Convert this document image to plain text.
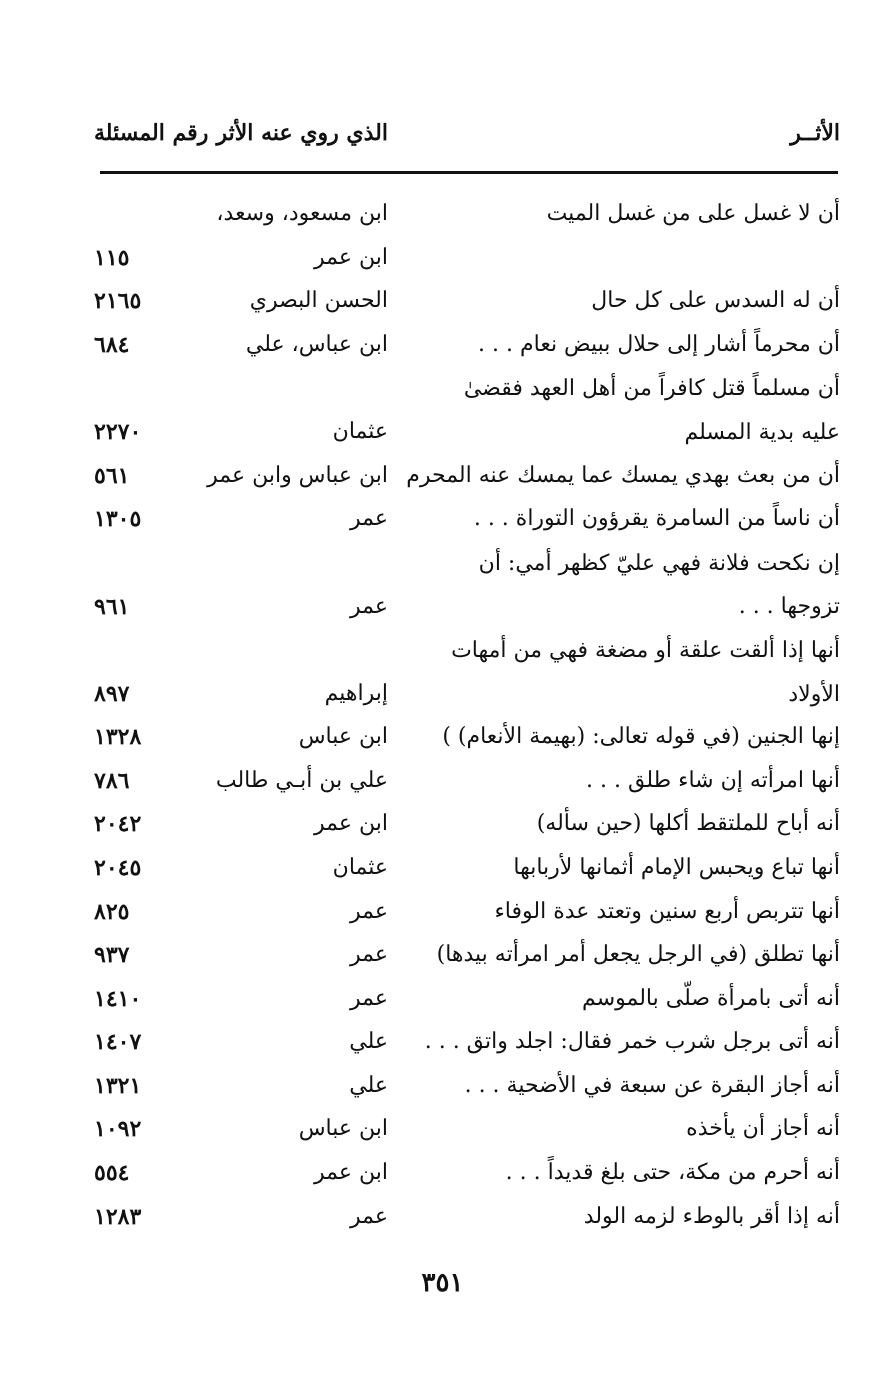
الأثــر
الذي روي عنه الأثر
رقم المسئلة
أن لا غسل على من غسل الميت
ابن مسعود، وسعد،
ابن عمر
١١٥
أن له السدس على كل حال
الحسن البصري
٢١٦٥
أن محرماً أشار إلى حلال ببيض نعام . . .
ابن عباس، علي
٦٨٤
أن مسلماً قتل كافراً من أهل العهد فقضىٰ عليه بدية المسلم
عثمان
٢٢٧٠
أن من بعث بهدي يمسك عما يمسك عنه المحرم
ابن عباس وابن عمر
٥٦١
أن ناساً من السامرة يقرؤون التوراة . . .
عمر
١٣٠٥
إن نكحت فلانة فهي عليّ كظهر أمي: أن تزوجها . . .
عمر
٩٦١
أنها إذا ألقت علقة أو مضغة فهي من أمهات الأولاد
إبراهيم
٨٩٧
إنها الجنين (في قوله تعالى: (بهيمة الأنعام) )
ابن عباس
١٣٢٨
أنها امرأته إن شاء طلق . . .
علي بن أبـي طالب
٧٨٦
أنه أباح للملتقط أكلها (حين سأله)
ابن عمر
٢٠٤٢
أنها تباع ويحبس الإمام أثمانها لأربابها
عثمان
٢٠٤٥
أنها تتربص أربع سنين وتعتد عدة الوفاء
عمر
٨٢٥
أنها تطلق (في الرجل يجعل أمر امرأته بيدها)
عمر
٩٣٧
أنه أتى بامرأة صلّى بالموسم
عمر
١٤١٠
أنه أتى برجل شرب خمر فقال: اجلد واتق . . .
علي
١٤٠٧
أنه أجاز البقرة عن سبعة في الأضحية . . .
علي
١٣٢١
أنه أجاز أن يأخذه
ابن عباس
١٠٩٢
أنه أحرم من مكة، حتى بلغ قديداً . . .
ابن عمر
٥٥٤
أنه إذا أقر بالوطء لزمه الولد
عمر
١٢٨٣
٣٥١
